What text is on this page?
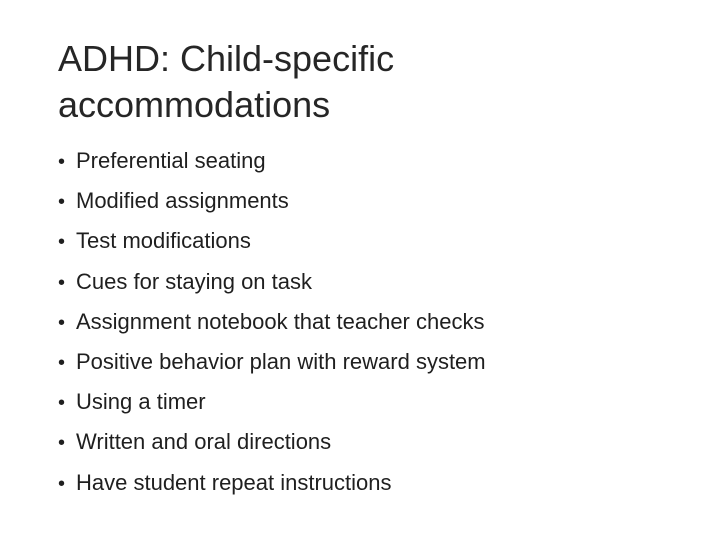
ADHD: Child-specific
accommodations
• Preferential seating
• Modified assignments
• Test modifications
• Cues for staying on task
• Assignment notebook that teacher checks
• Positive behavior plan with reward system
• Using a timer
• Written and oral directions
• Have student repeat instructions
